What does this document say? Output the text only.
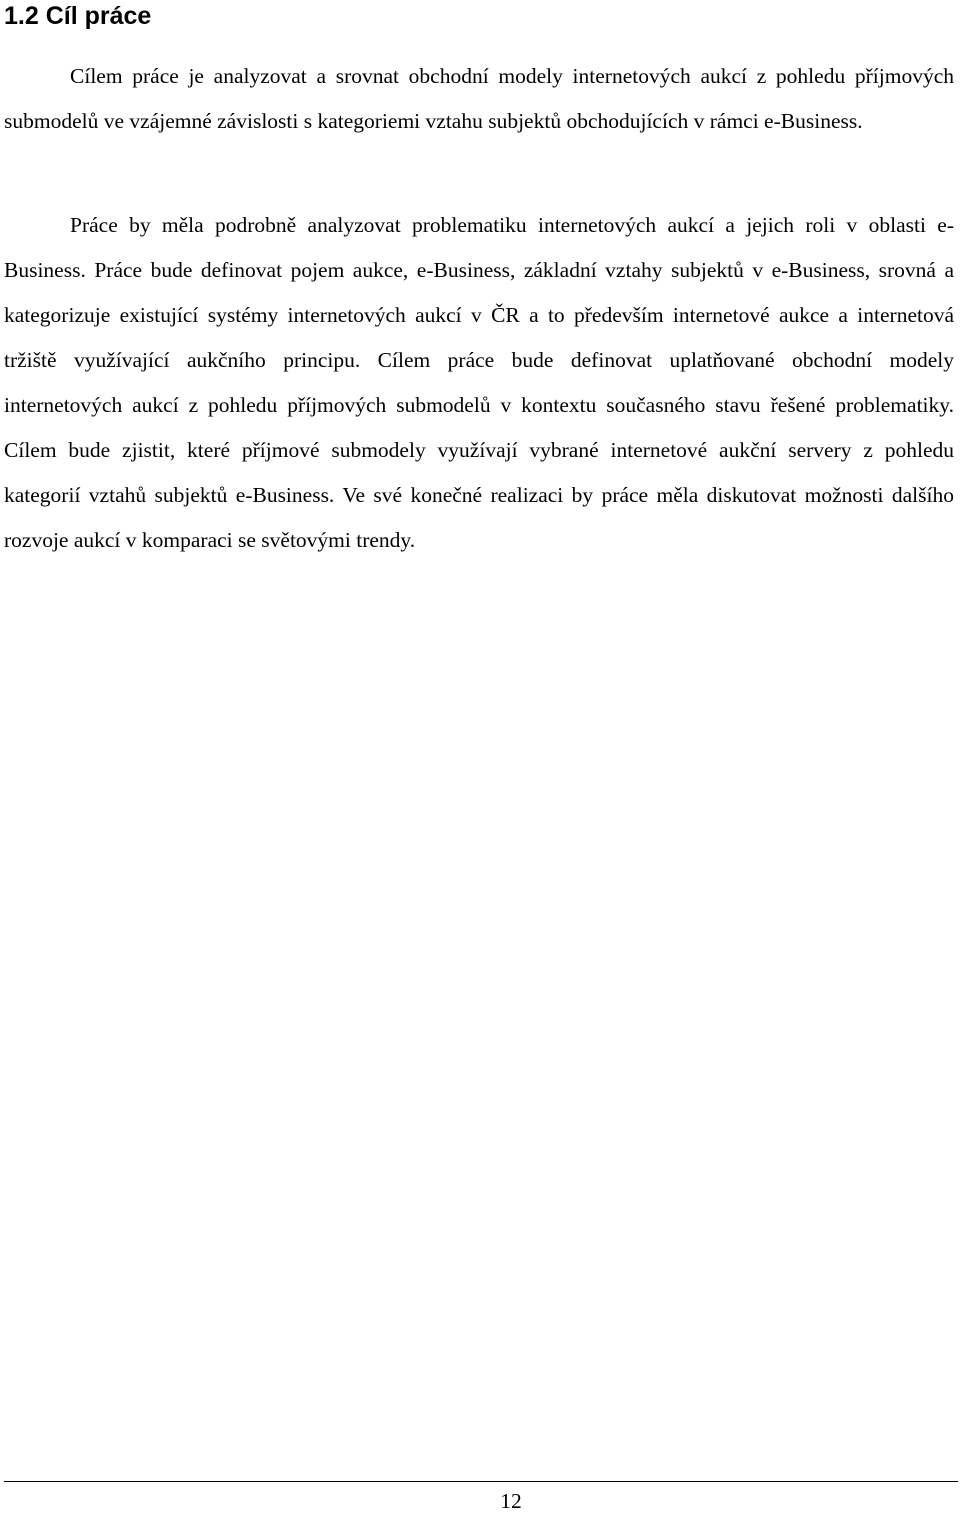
1.2 Cíl práce

Cílem práce je analyzovat a srovnat obchodní modely internetových aukcí z pohledu příjmových submodelů ve vzájemné závislosti s kategoriemi vztahu subjektů obchodujících v rámci e-Business.

Práce by měla podrobně analyzovat problematiku internetových aukcí a jejich roli v oblasti e-Business. Práce bude definovat pojem aukce, e-Business, základní vztahy subjektů v e-Business, srovná a kategorizuje existující systémy internetových aukcí v ČR a to především internetové aukce a internetová tržiště využívající aukčního principu. Cílem práce bude definovat uplatňované obchodní modely internetových aukcí z pohledu příjmových submodelů v kontextu současného stavu řešené problematiky. Cílem bude zjistit, které příjmové submodely využívají vybrané internetové aukční servery z pohledu kategorií vztahů subjektů e-Business. Ve své konečné realizaci by práce měla diskutovat možnosti dalšího rozvoje aukcí v komparaci se světovými trendy.

12
